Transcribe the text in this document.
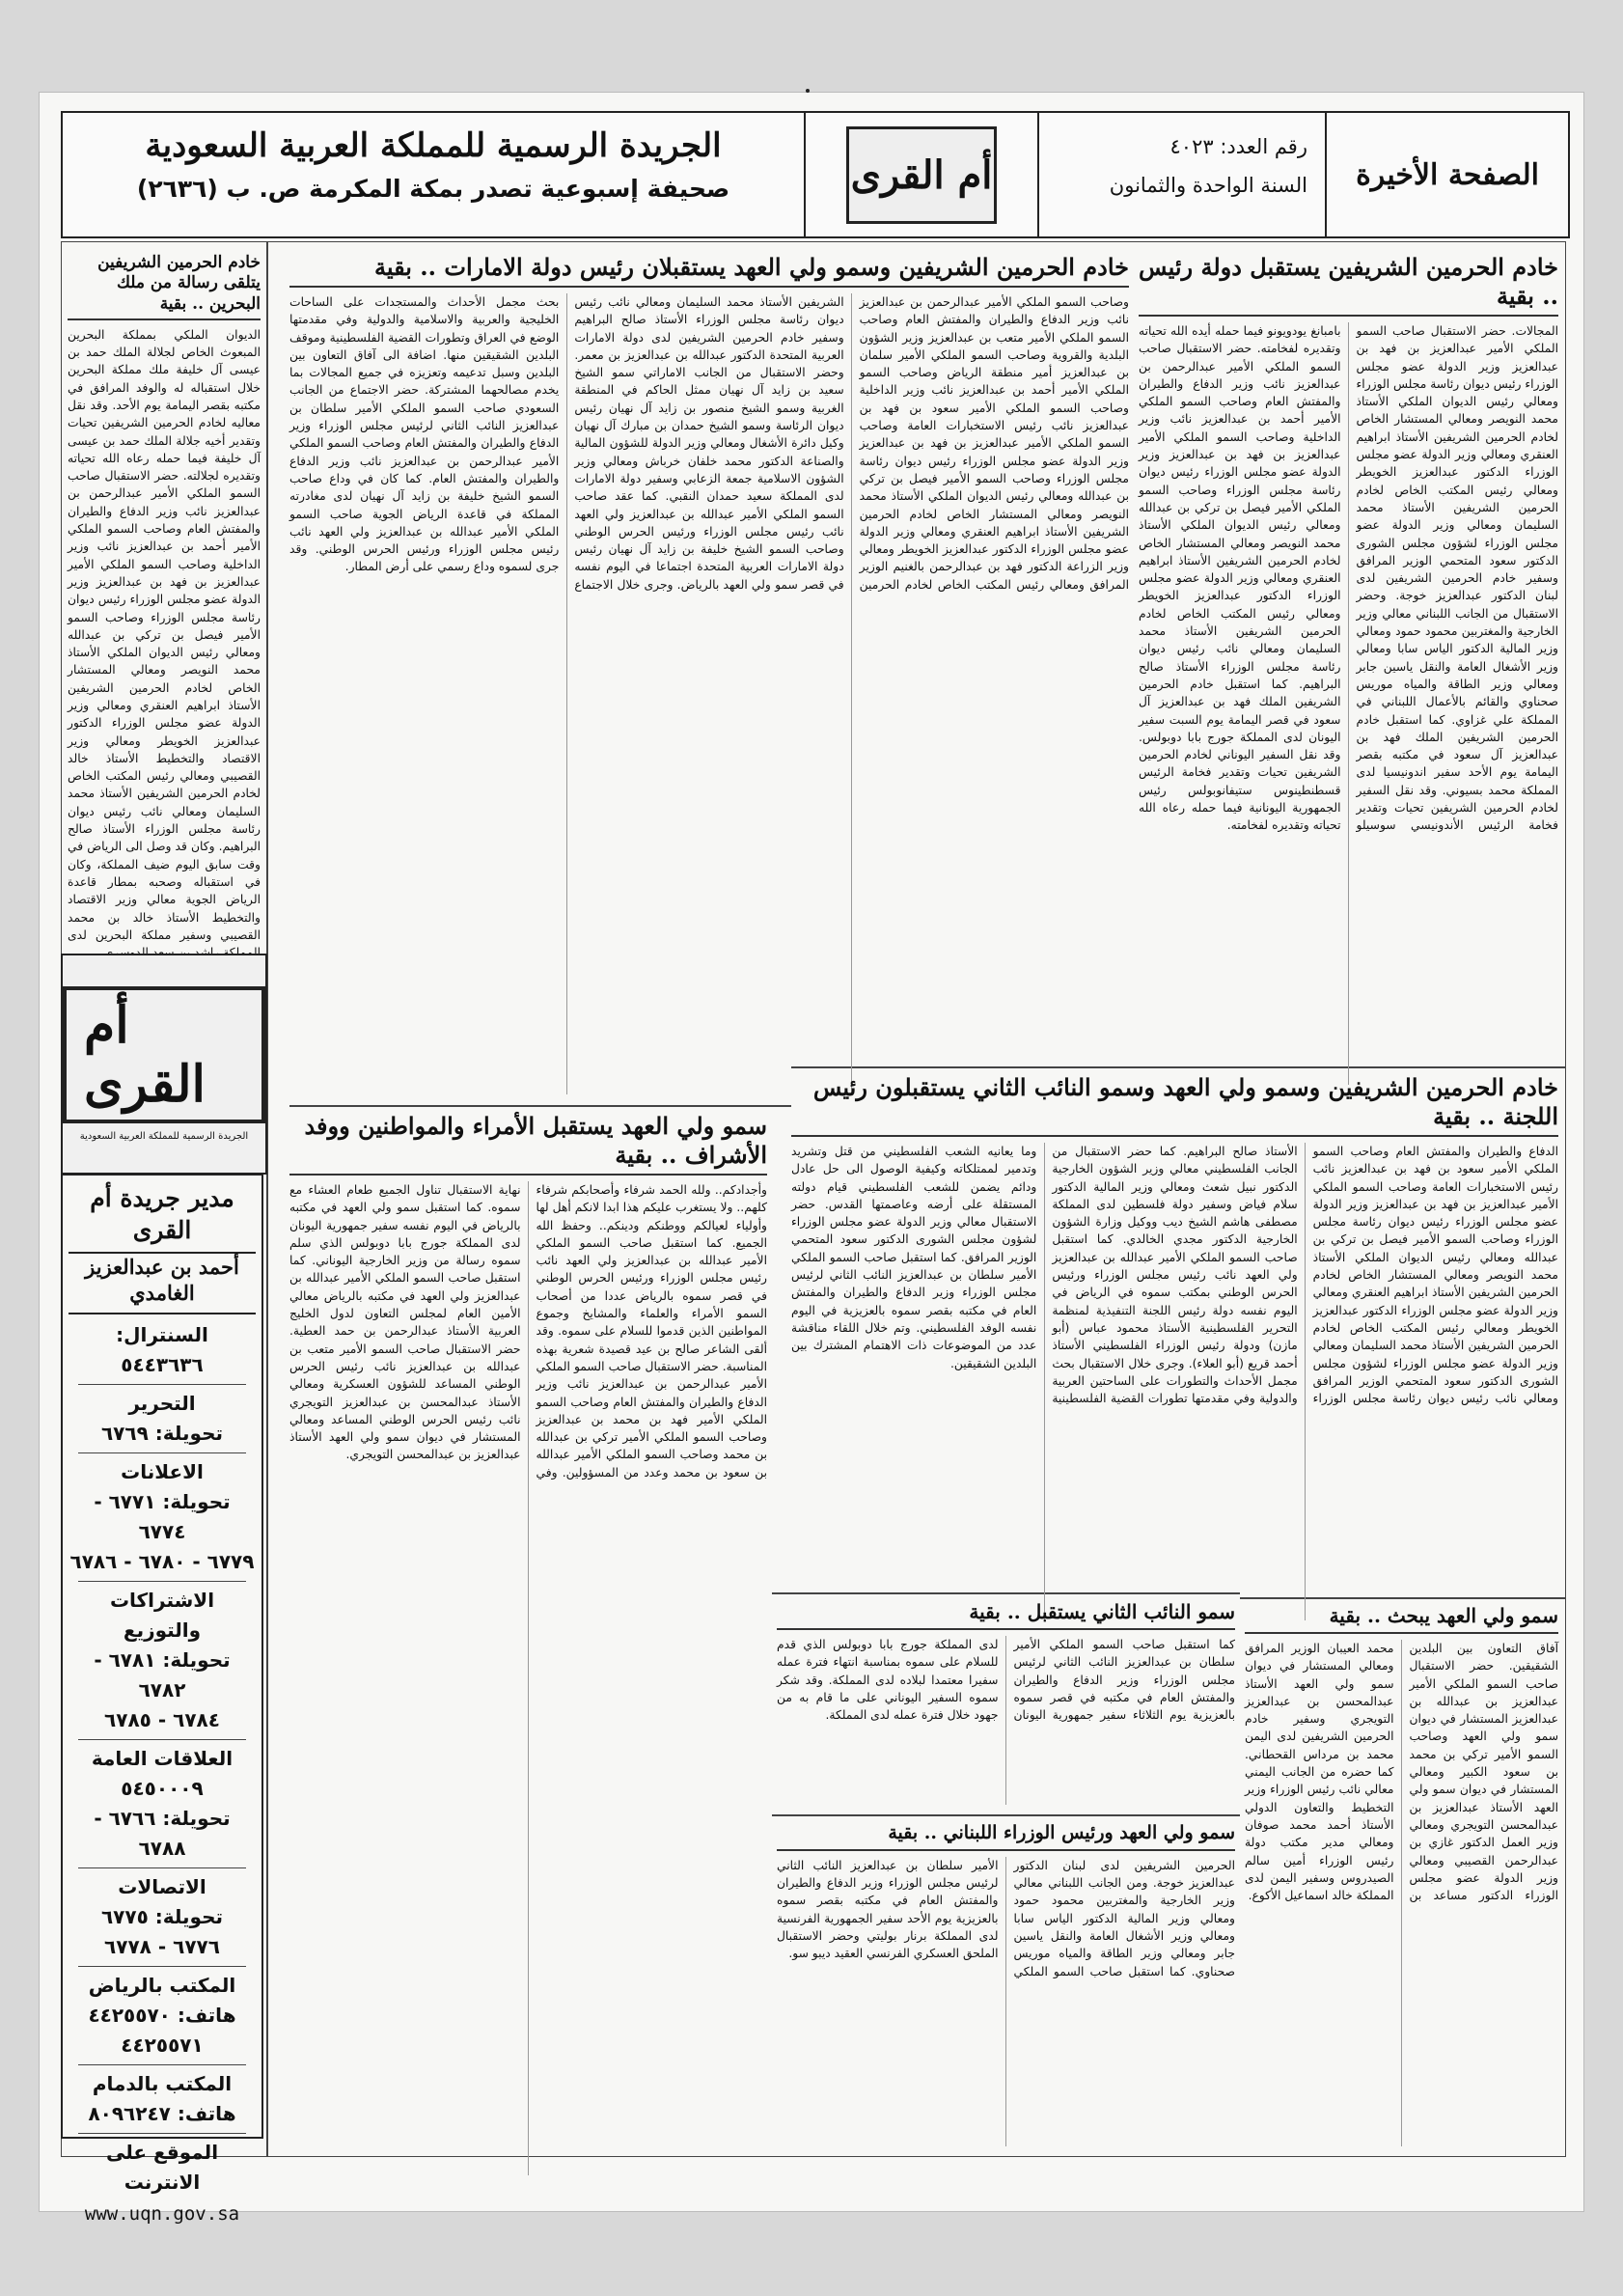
الصفحة الأخيرة
رقم العدد: ٤٠٢٣
السنة الواحدة والثمانون
أم القرى
الجريدة الرسمية للمملكة العربية السعودية
صحيفة إسبوعية تصدر بمكة المكرمة ص. ب (٢٦٣٦)
خادم الحرمين الشريفين يستقبل دولة رئيس .. بقية
المجالات. حضر الاستقبال صاحب السمو الملكي الأمير عبدالعزيز بن فهد بن عبدالعزيز وزير الدولة عضو مجلس الوزراء رئيس ديوان رئاسة مجلس الوزراء ومعالي رئيس الديوان الملكي الأستاذ محمد النويصر ومعالي المستشار الخاص لخادم الحرمين الشريفين الأستاذ ابراهيم العنقري ومعالي وزير الدولة عضو مجلس الوزراء الدكتور عبدالعزيز الخويطر ومعالي رئيس المكتب الخاص لخادم الحرمين الشريفين الأستاذ محمد السليمان ومعالي وزير الدولة عضو مجلس الوزراء لشؤون مجلس الشورى الدكتور سعود المتحمي الوزير المرافق وسفير خادم الحرمين الشريفين لدى لبنان الدكتور عبدالعزيز خوجة. وحضر الاستقبال من الجانب اللبناني معالي وزير الخارجية والمغتربين محمود حمود ومعالي وزير المالية الدكتور الياس سابا ومعالي وزير الأشغال العامة والنقل ياسين جابر ومعالي وزير الطاقة والمياه موريس صحناوي والقائم بالأعمال اللبناني في المملكة علي غزاوي. كما استقبل خادم الحرمين الشريفين الملك فهد بن عبدالعزيز آل سعود في مكتبه بقصر اليمامة يوم الأحد سفير اندونيسيا لدى المملكة محمد بسيوني. وقد نقل السفير لخادم الحرمين الشريفين تحيات وتقدير فخامة الرئيس الأندونيسي سوسيلو بامبانغ يودويونو فيما حمله أيده الله تحياته وتقديره لفخامته. حضر الاستقبال صاحب السمو الملكي الأمير عبدالرحمن بن عبدالعزيز نائب وزير الدفاع والطيران والمفتش العام وصاحب السمو الملكي الأمير أحمد بن عبدالعزيز نائب وزير الداخلية وصاحب السمو الملكي الأمير عبدالعزيز بن فهد بن عبدالعزيز وزير الدولة عضو مجلس الوزراء رئيس ديوان رئاسة مجلس الوزراء وصاحب السمو الملكي الأمير فيصل بن تركي بن عبدالله ومعالي رئيس الديوان الملكي الأستاذ محمد النويصر ومعالي المستشار الخاص لخادم الحرمين الشريفين الأستاذ ابراهيم العنقري ومعالي وزير الدولة عضو مجلس الوزراء الدكتور عبدالعزيز الخويطر ومعالي رئيس المكتب الخاص لخادم الحرمين الشريفين الأستاذ محمد السليمان ومعالي نائب رئيس ديوان رئاسة مجلس الوزراء الأستاذ صالح البراهيم. كما استقبل خادم الحرمين الشريفين الملك فهد بن عبدالعزيز آل سعود في قصر اليمامة يوم السبت سفير اليونان لدى المملكة جورج بابا دوبولس. وقد نقل السفير اليوناني لخادم الحرمين الشريفين تحيات وتقدير فخامة الرئيس قسطنطينوس ستيفانوبولس رئيس الجمهورية اليونانية فيما حمله رعاه الله تحياته وتقديره لفخامته.
خادم الحرمين الشريفين وسمو ولي العهد يستقبلان رئيس دولة الامارات .. بقية
وصاحب السمو الملكي الأمير عبدالرحمن بن عبدالعزيز نائب وزير الدفاع والطيران والمفتش العام وصاحب السمو الملكي الأمير متعب بن عبدالعزيز وزير الشؤون البلدية والقروية وصاحب السمو الملكي الأمير سلمان بن عبدالعزيز أمير منطقة الرياض وصاحب السمو الملكي الأمير أحمد بن عبدالعزيز نائب وزير الداخلية وصاحب السمو الملكي الأمير سعود بن فهد بن عبدالعزيز نائب رئيس الاستخبارات العامة وصاحب السمو الملكي الأمير عبدالعزيز بن فهد بن عبدالعزيز وزير الدولة عضو مجلس الوزراء رئيس ديوان رئاسة مجلس الوزراء وصاحب السمو الأمير فيصل بن تركي بن عبدالله ومعالي رئيس الديوان الملكي الأستاذ محمد النويصر ومعالي المستشار الخاص لخادم الحرمين الشريفين الأستاذ ابراهيم العنقري ومعالي وزير الدولة عضو مجلس الوزراء الدكتور عبدالعزيز الخويطر ومعالي وزير الزراعة الدكتور فهد بن عبدالرحمن بالغنيم الوزير المرافق ومعالي رئيس المكتب الخاص لخادم الحرمين الشريفين الأستاذ محمد السليمان ومعالي نائب رئيس ديوان رئاسة مجلس الوزراء الأستاذ صالح البراهيم وسفير خادم الحرمين الشريفين لدى دولة الامارات العربية المتحدة الدكتور عبدالله بن عبدالعزيز بن معمر. وحضر الاستقبال من الجانب الاماراتي سمو الشيخ سعيد بن زايد آل نهيان ممثل الحاكم في المنطقة الغربية وسمو الشيخ منصور بن زايد آل نهيان رئيس ديوان الرئاسة وسمو الشيخ حمدان بن مبارك آل نهيان وكيل دائرة الأشغال ومعالي وزير الدولة للشؤون المالية والصناعة الدكتور محمد خلفان خرباش ومعالي وزير الشؤون الاسلامية جمعة الزعابي وسفير دولة الامارات لدى المملكة سعيد حمدان النقبي. كما عقد صاحب السمو الملكي الأمير عبدالله بن عبدالعزيز ولي العهد نائب رئيس مجلس الوزراء ورئيس الحرس الوطني وصاحب السمو الشيخ خليفة بن زايد آل نهيان رئيس دولة الامارات العربية المتحدة اجتماعا في اليوم نفسه في قصر سمو ولي العهد بالرياض. وجرى خلال الاجتماع بحث مجمل الأحداث والمستجدات على الساحات الخليجية والعربية والاسلامية والدولية وفي مقدمتها الوضع في العراق وتطورات القضية الفلسطينية وموقف البلدين الشقيقين منها. اضافة الى آفاق التعاون بين البلدين وسبل تدعيمه وتعزيزه في جميع المجالات بما يخدم مصالحهما المشتركة. حضر الاجتماع من الجانب السعودي صاحب السمو الملكي الأمير سلطان بن عبدالعزيز النائب الثاني لرئيس مجلس الوزراء وزير الدفاع والطيران والمفتش العام وصاحب السمو الملكي الأمير عبدالرحمن بن عبدالعزيز نائب وزير الدفاع والطيران والمفتش العام. كما كان في وداع صاحب السمو الشيخ خليفة بن زايد آل نهيان لدى مغادرته المملكة في قاعدة الرياض الجوية صاحب السمو الملكي الأمير عبدالله بن عبدالعزيز ولي العهد نائب رئيس مجلس الوزراء ورئيس الحرس الوطني. وقد جرى لسموه وداع رسمي على أرض المطار.
خادم الحرمين الشريفين يتلقى رسالة من ملك البحرين .. بقية
الديوان الملكي بمملكة البحرين المبعوث الخاص لجلالة الملك حمد بن عيسى آل خليفة ملك مملكة البحرين خلال استقباله له والوفد المرافق في مكتبه بقصر اليمامة يوم الأحد. وقد نقل معاليه لخادم الحرمين الشريفين تحيات وتقدير أخيه جلالة الملك حمد بن عيسى آل خليفة فيما حمله رعاه الله تحياته وتقديره لجلالته. حضر الاستقبال صاحب السمو الملكي الأمير عبدالرحمن بن عبدالعزيز نائب وزير الدفاع والطيران والمفتش العام وصاحب السمو الملكي الأمير أحمد بن عبدالعزيز نائب وزير الداخلية وصاحب السمو الملكي الأمير عبدالعزيز بن فهد بن عبدالعزيز وزير الدولة عضو مجلس الوزراء رئيس ديوان رئاسة مجلس الوزراء وصاحب السمو الأمير فيصل بن تركي بن عبدالله ومعالي رئيس الديوان الملكي الأستاذ محمد النويصر ومعالي المستشار الخاص لخادم الحرمين الشريفين الأستاذ ابراهيم العنقري ومعالي وزير الدولة عضو مجلس الوزراء الدكتور عبدالعزيز الخويطر ومعالي وزير الاقتصاد والتخطيط الأستاذ خالد القصيبي ومعالي رئيس المكتب الخاص لخادم الحرمين الشريفين الأستاذ محمد السليمان ومعالي نائب رئيس ديوان رئاسة مجلس الوزراء الأستاذ صالح البراهيم. وكان قد وصل الى الرياض في وقت سابق اليوم ضيف المملكة، وكان في استقباله وصحبه بمطار قاعدة الرياض الجوية معالي وزير الاقتصاد والتخطيط الأستاذ خالد بن محمد القصيبي وسفير مملكة البحرين لدى
خادم الحرمين الشريفين وسمو ولي العهد وسمو النائب الثاني يستقبلون رئيس اللجنة .. بقية
الدفاع والطيران والمفتش العام وصاحب السمو الملكي الأمير سعود بن فهد بن عبدالعزيز نائب رئيس الاستخبارات العامة وصاحب السمو الملكي الأمير عبدالعزيز بن فهد بن عبدالعزيز وزير الدولة عضو مجلس الوزراء رئيس ديوان رئاسة مجلس الوزراء وصاحب السمو الأمير فيصل بن تركي بن عبدالله ومعالي رئيس الديوان الملكي الأستاذ محمد النويصر ومعالي المستشار الخاص لخادم الحرمين الشريفين الأستاذ ابراهيم العنقري ومعالي وزير الدولة عضو مجلس الوزراء الدكتور عبدالعزيز الخويطر ومعالي رئيس المكتب الخاص لخادم الحرمين الشريفين الأستاذ محمد السليمان ومعالي وزير الدولة عضو مجلس الوزراء لشؤون مجلس الشورى الدكتور سعود المتحمي الوزير المرافق ومعالي نائب رئيس ديوان رئاسة مجلس الوزراء الأستاذ صالح البراهيم. كما حضر الاستقبال من الجانب الفلسطيني معالي وزير الشؤون الخارجية الدكتور نبيل شعث ومعالي وزير المالية الدكتور سلام فياض وسفير دولة فلسطين لدى المملكة مصطفى هاشم الشيخ ديب ووكيل وزارة الشؤون الخارجية الدكتور مجدي الخالدي. كما استقبل صاحب السمو الملكي الأمير عبدالله بن عبدالعزيز ولي العهد نائب رئيس مجلس الوزراء ورئيس الحرس الوطني بمكتب سموه في الرياض في اليوم نفسه دولة رئيس اللجنة التنفيذية لمنظمة التحرير الفلسطينية الأستاذ محمود عباس (أبو مازن) ودولة رئيس الوزراء الفلسطيني الأستاذ أحمد قريع (أبو العلاء). وجرى خلال الاستقبال بحث مجمل الأحداث والتطورات على الساحتين العربية والدولية وفي مقدمتها تطورات القضية الفلسطينية وما يعانيه الشعب الفلسطيني من قتل وتشريد وتدمير لممتلكاته وكيفية الوصول الى حل عادل ودائم يضمن للشعب الفلسطيني قيام دولته المستقلة على أرضه وعاصمتها القدس. حضر الاستقبال معالي وزير الدولة عضو مجلس الوزراء لشؤون مجلس الشورى الدكتور سعود المتحمي الوزير المرافق. كما استقبل صاحب السمو الملكي الأمير سلطان بن عبدالعزيز النائب الثاني لرئيس مجلس الوزراء وزير الدفاع والطيران والمفتش العام في مكتبه بقصر سموه بالعزيزية في اليوم نفسه الوفد الفلسطيني. وتم خلال اللقاء مناقشة عدد من الموضوعات ذات الاهتمام المشترك بين البلدين الشقيقين.
سمو ولي العهد يستقبل الأمراء والمواطنين ووفد الأشراف .. بقية
وأجدادكم.. ولله الحمد شرفاء وأصحابكم شرفاء كلهم.. ولا يستغرب عليكم هذا ابدا لانكم أهل لها وأولياء لعيالكم ووطنكم ودينكم.. وحفظ الله الجميع. كما استقبل صاحب السمو الملكي الأمير عبدالله بن عبدالعزيز ولي العهد نائب رئيس مجلس الوزراء ورئيس الحرس الوطني في قصر سموه بالرياض عددا من أصحاب السمو الأمراء والعلماء والمشايخ وجموع المواطنين الذين قدموا للسلام على سموه. وقد ألقى الشاعر صالح بن عيد قصيدة شعرية بهذه المناسبة. حضر الاستقبال صاحب السمو الملكي الأمير عبدالرحمن بن عبدالعزيز نائب وزير الدفاع والطيران والمفتش العام وصاحب السمو الملكي الأمير فهد بن محمد بن عبدالعزيز وصاحب السمو الملكي الأمير تركي بن عبدالله بن محمد وصاحب السمو الملكي الأمير عبدالله بن سعود بن محمد وعدد من المسؤولين. وفي نهاية الاستقبال تناول الجميع طعام العشاء مع سموه. كما استقبل سمو ولي العهد في مكتبه بالرياض في اليوم نفسه سفير جمهورية اليونان لدى المملكة جورج بابا دوبولس الذي سلم سموه رسالة من وزير الخارجية اليوناني. كما استقبل صاحب السمو الملكي الأمير عبدالله بن عبدالعزيز ولي العهد في مكتبه بالرياض معالي الأمين العام لمجلس التعاون لدول الخليج العربية الأستاذ عبدالرحمن بن حمد العطية. حضر الاستقبال صاحب السمو الأمير متعب بن عبدالله بن عبدالعزيز نائب رئيس الحرس الوطني المساعد للشؤون العسكرية ومعالي الأستاذ عبدالمحسن بن عبدالعزيز التويجري نائب رئيس الحرس الوطني المساعد ومعالي المستشار في ديوان سمو ولي العهد الأستاذ عبدالعزيز بن عبدالمحسن التويجري.
سمو النائب الثاني يستقبل .. بقية
كما استقبل صاحب السمو الملكي الأمير سلطان بن عبدالعزيز النائب الثاني لرئيس مجلس الوزراء وزير الدفاع والطيران والمفتش العام في مكتبه في قصر سموه بالعزيزية يوم الثلاثاء سفير جمهورية اليونان لدى المملكة جورج بابا دوبولس الذي قدم للسلام على سموه بمناسبة انتهاء فترة عمله سفيرا معتمدا لبلاده لدى المملكة. وقد شكر سموه السفير اليوناني على ما قام به من جهود خلال فترة عمله لدى المملكة.
سمو ولي العهد يبحث .. بقية
آفاق التعاون بين البلدين الشقيقين. حضر الاستقبال صاحب السمو الملكي الأمير عبدالعزيز بن عبدالله بن عبدالعزيز المستشار في ديوان سمو ولي العهد وصاحب السمو الأمير تركي بن محمد بن سعود الكبير ومعالي المستشار في ديوان سمو ولي العهد الأستاذ عبدالعزيز بن عبدالمحسن التويجري ومعالي وزير العمل الدكتور غازي بن عبدالرحمن القصيبي ومعالي وزير الدولة عضو مجلس الوزراء الدكتور مساعد بن محمد العيبان الوزير المرافق ومعالي المستشار في ديوان سمو ولي العهد الأستاذ عبدالمحسن بن عبدالعزيز التويجري وسفير خادم الحرمين الشريفين لدى اليمن محمد بن مرداس القحطاني. كما حضره من الجانب اليمني معالي نائب رئيس الوزراء وزير التخطيط والتعاون الدولي الأستاذ أحمد محمد صوفان ومعالي مدير مكتب دولة رئيس الوزراء أمين سالم الصيدروس وسفير اليمن لدى المملكة خالد اسماعيل الأكوع.
سمو ولي العهد ورئيس الوزراء اللبناني .. بقية
الحرمين الشريفين لدى لبنان الدكتور عبدالعزيز خوجة. ومن الجانب اللبناني معالي وزير الخارجية والمغتربين محمود حمود ومعالي وزير المالية الدكتور الياس سابا ومعالي وزير الأشغال العامة والنقل ياسين جابر ومعالي وزير الطاقة والمياه موريس صحناوي. كما استقبل صاحب السمو الملكي الأمير سلطان بن عبدالعزيز النائب الثاني لرئيس مجلس الوزراء وزير الدفاع والطيران والمفتش العام في مكتبه بقصر سموه بالعزيزية يوم الأحد سفير الجمهورية الفرنسية لدى المملكة برنار بوليتي وحضر الاستقبال الملحق العسكري الفرنسي العقيد ديبو سو.
أم القرى
الجريدة الرسمية للمملكة العربية السعودية
مدير جريدة أم القرى
أحمد بن عبدالعزيز الغامدي
السنترال:
٥٤٤٣٦٣٦
التحرير
تحويلة: ٦٧٦٩
الاعلانات
تحويلة: ٦٧٧١ - ٦٧٧٤
٦٧٧٩ - ٦٧٨٠ - ٦٧٨٦
الاشتراكات والتوزيع
تحويلة: ٦٧٨١ - ٦٧٨٢
٦٧٨٤ - ٦٧٨٥
العلاقات العامة
٥٤٥٠٠٠٩
تحويلة: ٦٧٦٦ - ٦٧٨٨
الاتصالات
تحويلة: ٦٧٧٥
٦٧٧٦ - ٦٧٧٨
المكتب بالرياض
هاتف: ٤٤٢٥٥٧٠
٤٤٢٥٥٧١
المكتب بالدمام
هاتف: ٨٠٩٦٢٤٧
الموقع على الانترنت
www.uqn.gov.sa
